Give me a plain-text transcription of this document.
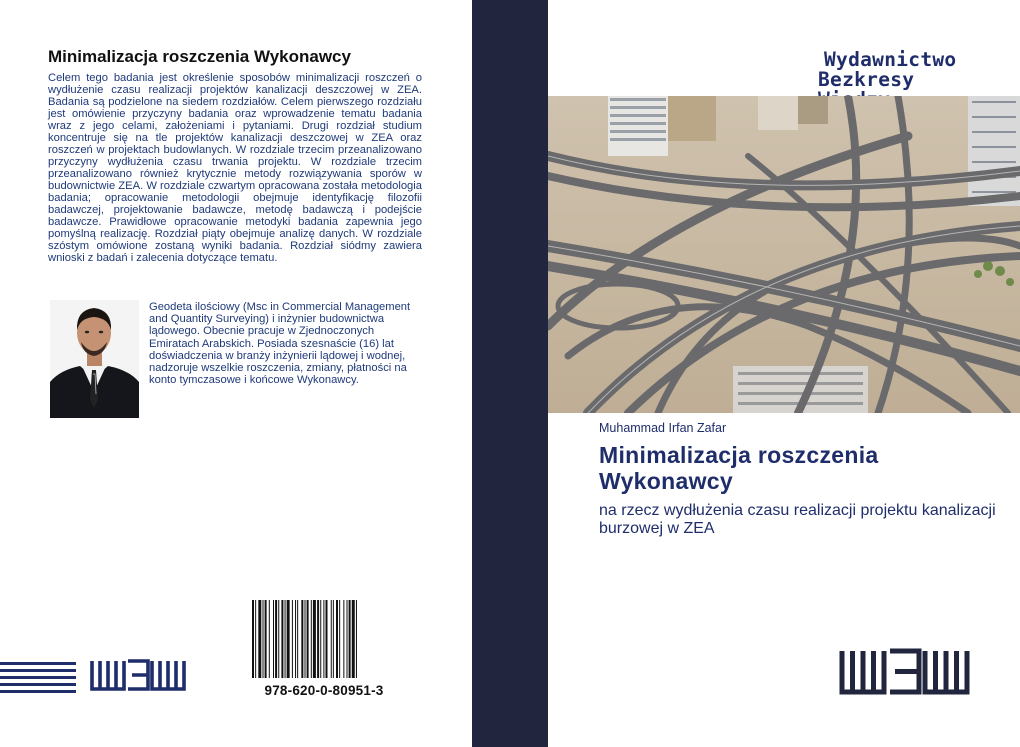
Minimalizacja roszczenia Wykonawcy
Celem tego badania jest określenie sposobów minimalizacji roszczeń o wydłużenie czasu realizacji projektów kanalizacji deszczowej w ZEA. Badania są podzielone na siedem rozdziałów. Celem pierwszego rozdziału jest omówienie przyczyny badania oraz wprowadzenie tematu badania wraz z jego celami, założeniami i pytaniami. Drugi rozdział studium koncentruje się na tle projektów kanalizacji deszczowej w ZEA oraz roszczeń w projektach budowlanych. W rozdziale trzecim przeanalizowano przyczyny wydłużenia czasu trwania projektu. W rozdziale trzecim przeanalizowano również krytycznie metody rozwiązywania sporów w budownictwie ZEA. W rozdziale czwartym opracowana została metodologia badania; opracowanie metodologii obejmuje identyfikację filozofii badawczej, projektowanie badawcze, metodę badawczą i podejście badawcze. Prawidłowe opracowanie metodyki badania zapewnia jego pomyślną realizację. Rozdział piąty obejmuje analizę danych. W rozdziale szóstym omówione zostaną wyniki badania. Rozdział siódmy zawiera wnioski z badań i zalecenia dotyczące tematu.
Geodeta ilościowy (Msc in Commercial Management and Quantity Surveying) i inżynier budownictwa lądowego. Obecnie pracuje w Zjednoczonych Emiratach Arabskich. Posiada szesnaście (16) lat doświadczenia w branży inżynierii lądowej i wodnej, nadzoruje wszelkie roszczenia, zmiany, płatności na konto tymczasowe i końcowe Wykonawcy.
978-620-0-80951-3
Wydawnictwo
Bezkresy
Muhammad Irfan Zafar
Minimalizacja roszczenia Wykonawcy
na rzecz wydłużenia czasu realizacji projektu kanalizacji burzowej w ZEA
